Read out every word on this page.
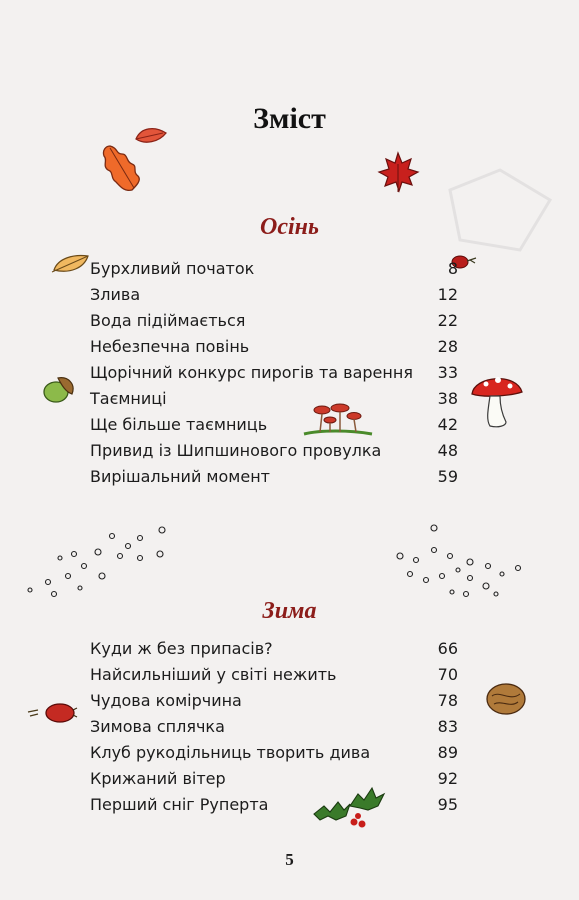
Зміст
Осінь
Бурхливий початок	8
Злива	12
Вода підіймається	22
Небезпечна повінь	28
Щорічний конкурс пирогів та варення 33
Таємниці	38
Ще більше таємниць	42
Привид із Шипшинового провулка	48
Вирішальний момент	59
Зима
Куди ж без припасів?	66
Найсильніший у світі нежить	70
Чудова комірчина	78
Зимова сплячка	83
Клуб рукодільниць творить дива	89
Крижаний вітер	92
Перший сніг Руперта	95
5
